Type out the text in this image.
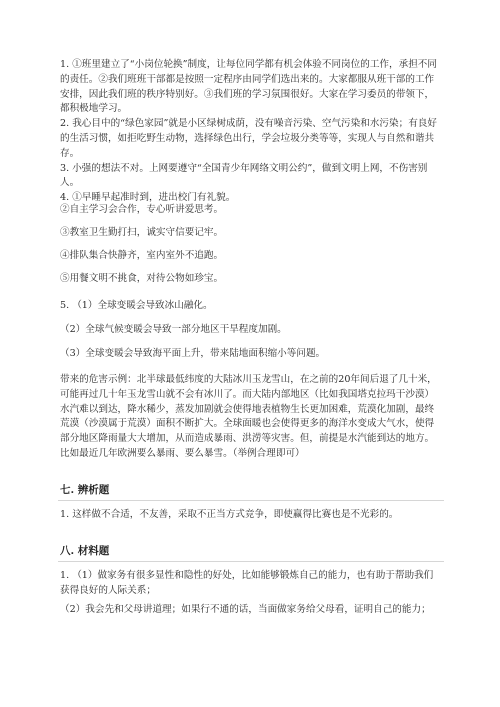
1. ①班里建立了“小岗位轮换”制度，让每位同学都有机会体验不同岗位的工作，承担不同的责任。②我们班班干部都是按照一定程序由同学们选出来的。大家都服从班干部的工作安排，因此我们班的秩序特别好。③我们班的学习氛围很好。大家在学习委员的带领下，都积极地学习。

2. 我心目中的“绿色家园”就是小区绿树成荫，没有噪音污染、空气污染和水污染；有良好的生活习惯，如拒吃野生动物，选择绿色出行，学会垃圾分类等等，实现人与自然和谐共存。

3. 小强的想法不对。上网要遵守“全国青少年网络文明公约”，做到文明上网，不伤害别人。

4. ①早睡早起准时到，进出校门有礼貌。

②自主学习会合作，专心听讲爱思考。

③教室卫生勤打扫，诚实守信要记牢。

④排队集合快静齐，室内室外不追跑。

⑤用餐文明不挑食，对待公物如珍宝。

5. （1）全球变暖会导致冰山融化。

（2）全球气候变暖会导致一部分地区干旱程度加剧。

（3）全球变暖会导致海平面上升，带来陆地面积缩小等问题。

带来的危害示例：北半球最低纬度的大陆冰川玉龙雪山，在之前的20年间后退了几十米，可能再过几十年玉龙雪山就不会有冰川了。而大陆内部地区（比如我国塔克拉玛干沙漠）水汽难以到达，降水稀少，蒸发加剧就会使得地表植物生长更加困难，荒漠化加剧，最终荒漠（沙漠属于荒漠）面积不断扩大。全球面暖也会使得更多的海洋水变成大气水，使得部分地区降雨量大大增加，从而造成暴雨、洪涝等灾害。但，前提是水汽能到达的地方。比如最近几年欧洲要么暴雨、要么暴雪。（举例合理即可）

七. 辨析题

1. 这样做不合适，不友善，采取不正当方式竞争，即使赢得比赛也是不光彩的。

八. 材料题

1. （1）做家务有很多显性和隐性的好处，比如能够锻炼自己的能力，也有助于帮助我们获得良好的人际关系；

（2）我会先和父母讲道理；如果行不通的话，当面做家务给父母看，证明自己的能力；
